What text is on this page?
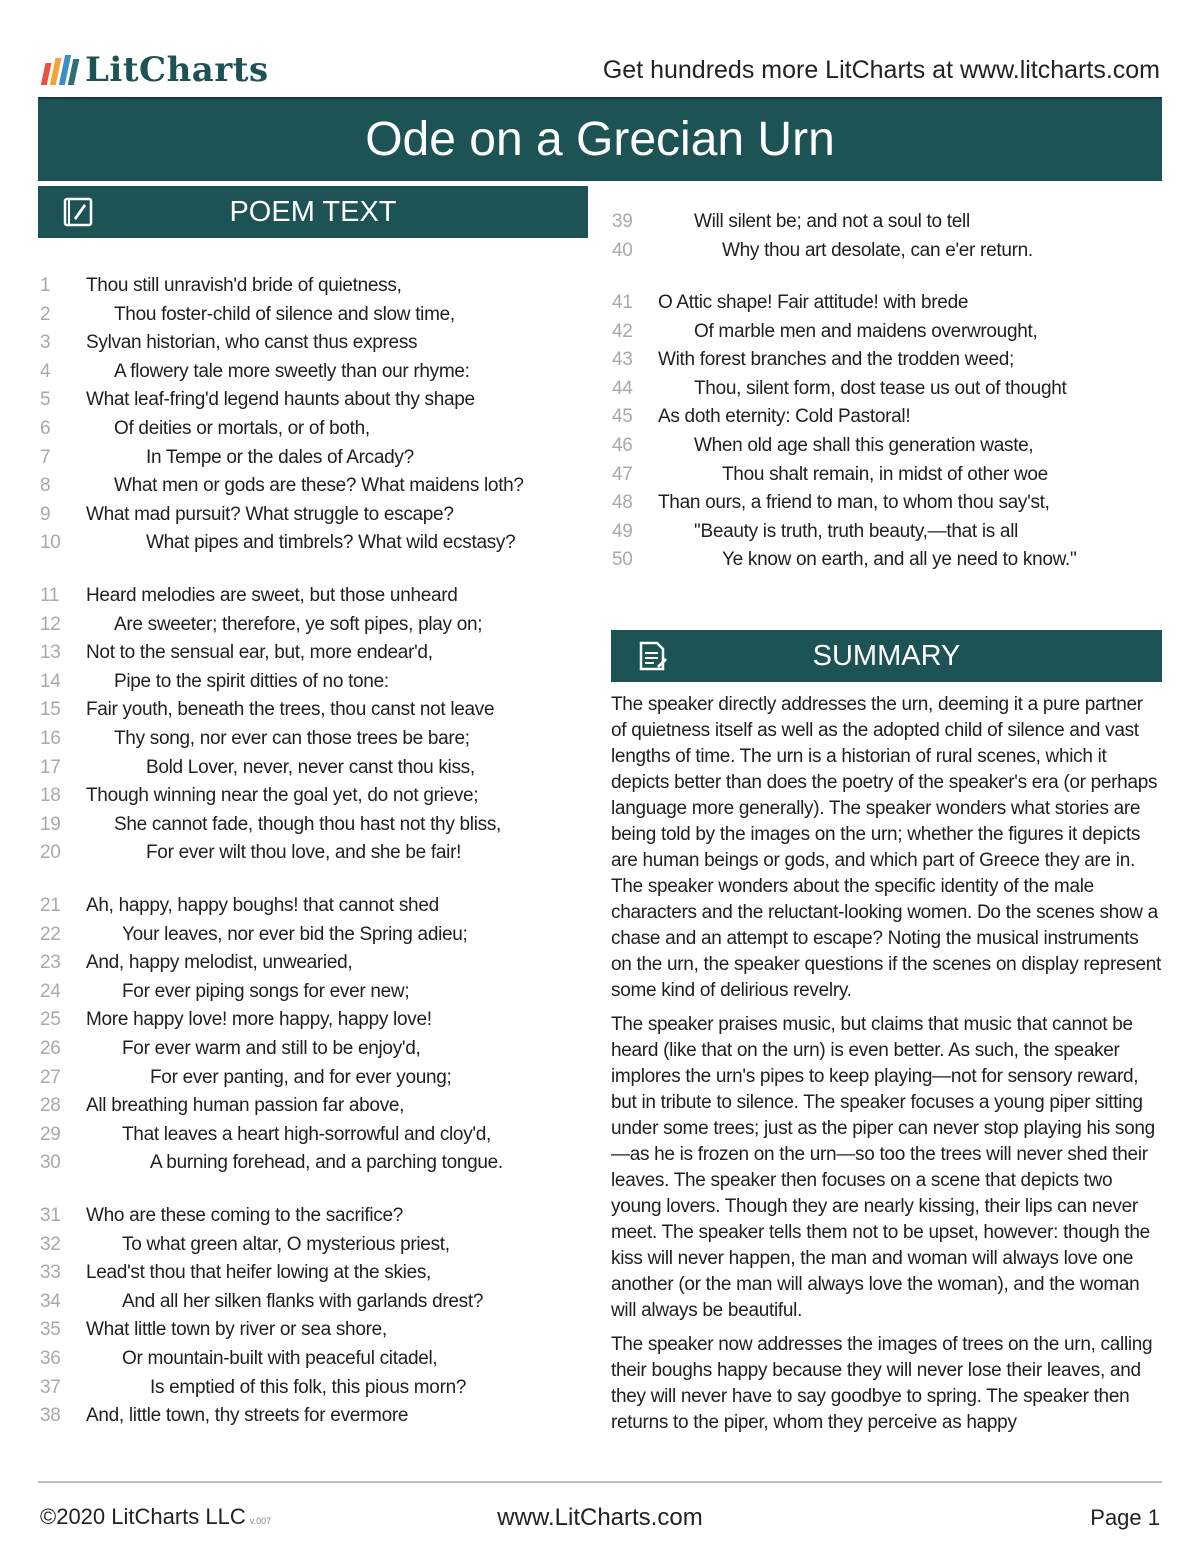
LitCharts	Get hundreds more LitCharts at www.litcharts.com
Ode on a Grecian Urn
POEM TEXT
1	Thou still unravish'd bride of quietness,
2	Thou foster-child of silence and slow time,
3	Sylvan historian, who canst thus express
4	A flowery tale more sweetly than our rhyme:
5	What leaf-fring'd legend haunts about thy shape
6	Of deities or mortals, or of both,
7	In Tempe or the dales of Arcady?
8	What men or gods are these? What maidens loth?
9	What mad pursuit? What struggle to escape?
10	What pipes and timbrels? What wild ecstasy?
11	Heard melodies are sweet, but those unheard
12	Are sweeter; therefore, ye soft pipes, play on;
13	Not to the sensual ear, but, more endear'd,
14	Pipe to the spirit ditties of no tone:
15	Fair youth, beneath the trees, thou canst not leave
16	Thy song, nor ever can those trees be bare;
17	Bold Lover, never, never canst thou kiss,
18	Though winning near the goal yet, do not grieve;
19	She cannot fade, though thou hast not thy bliss,
20	For ever wilt thou love, and she be fair!
21	Ah, happy, happy boughs! that cannot shed
22	Your leaves, nor ever bid the Spring adieu;
23	And, happy melodist, unwearied,
24	For ever piping songs for ever new;
25	More happy love! more happy, happy love!
26	For ever warm and still to be enjoy'd,
27	For ever panting, and for ever young;
28	All breathing human passion far above,
29	That leaves a heart high-sorrowful and cloy'd,
30	A burning forehead, and a parching tongue.
31	Who are these coming to the sacrifice?
32	To what green altar, O mysterious priest,
33	Lead'st thou that heifer lowing at the skies,
34	And all her silken flanks with garlands drest?
35	What little town by river or sea shore,
36	Or mountain-built with peaceful citadel,
37	Is emptied of this folk, this pious morn?
38	And, little town, thy streets for evermore
39	Will silent be; and not a soul to tell
40	Why thou art desolate, can e'er return.
41	O Attic shape! Fair attitude! with brede
42	Of marble men and maidens overwrought,
43	With forest branches and the trodden weed;
44	Thou, silent form, dost tease us out of thought
45	As doth eternity: Cold Pastoral!
46	When old age shall this generation waste,
47	Thou shalt remain, in midst of other woe
48	Than ours, a friend to man, to whom thou say'st,
49	"Beauty is truth, truth beauty,—that is all
50	Ye know on earth, and all ye need to know."
SUMMARY

The speaker directly addresses the urn, deeming it a pure partner of quietness itself as well as the adopted child of silence and vast lengths of time. The urn is a historian of rural scenes, which it depicts better than does the poetry of the speaker's era (or perhaps language more generally). The speaker wonders what stories are being told by the images on the urn; whether the figures it depicts are human beings or gods, and which part of Greece they are in. The speaker wonders about the specific identity of the male characters and the reluctant-looking women. Do the scenes show a chase and an attempt to escape? Noting the musical instruments on the urn, the speaker questions if the scenes on display represent some kind of delirious revelry.

The speaker praises music, but claims that music that cannot be heard (like that on the urn) is even better. As such, the speaker implores the urn's pipes to keep playing—not for sensory reward, but in tribute to silence. The speaker focuses a young piper sitting under some trees; just as the piper can never stop playing his song—as he is frozen on the urn—so too the trees will never shed their leaves. The speaker then focuses on a scene that depicts two young lovers. Though they are nearly kissing, their lips can never meet. The speaker tells them not to be upset, however: though the kiss will never happen, the man and woman will always love one another (or the man will always love the woman), and the woman will always be beautiful.

The speaker now addresses the images of trees on the urn, calling their boughs happy because they will never lose their leaves, and they will never have to say goodbye to spring. The speaker then returns to the piper, whom they perceive as happy

©2020 LitCharts LLC v.007	www.LitCharts.com	Page 1
